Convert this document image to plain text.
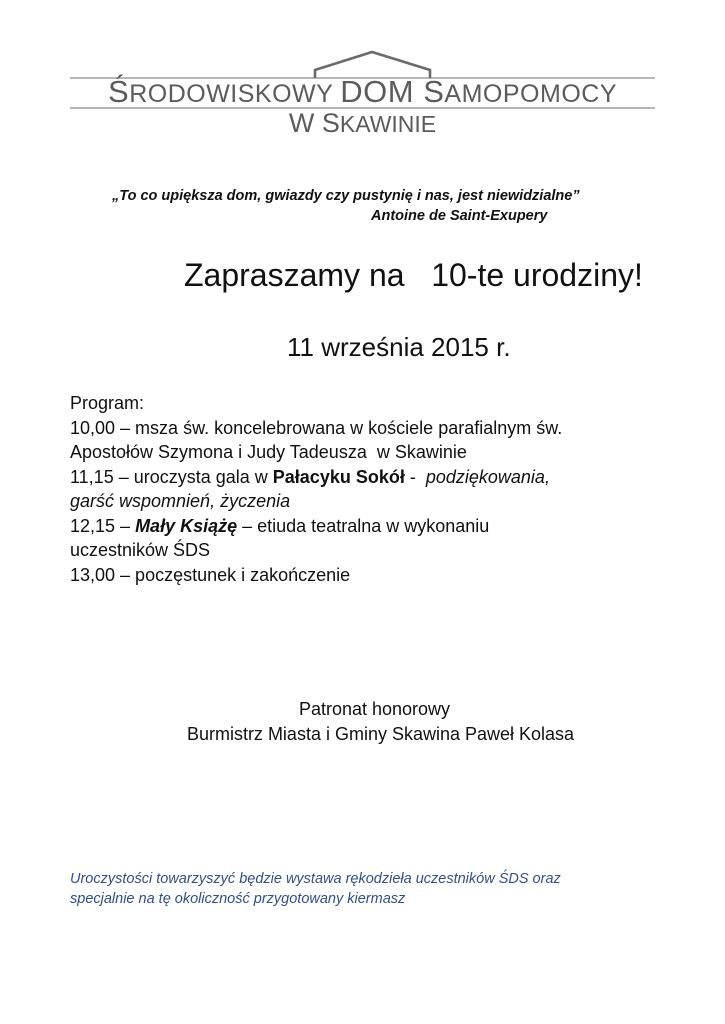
ŚRODOWISKOWY DOM SAMOPOMOCY
W SKAWINIE
„To co upiększa dom, gwiazdy czy pustynię i nas, jest niewidzialne”
Antoine de Saint-Exupery
Zapraszamy na   10-te urodziny!
11 września 2015 r.
Program:
10,00 – msza św. koncelebrowana w kościele parafialnym św.
Apostołów Szymona i Judy Tadeusza  w Skawinie
11,15 – uroczysta gala w Pałacyku Sokół -  podziękowania,
garść wspomnień, życzenia
12,15 – Mały Książę – etiuda teatralna w wykonaniu
uczestników ŚDS
13,00 – poczęstunek i zakończenie
Patronat honorowy
Burmistrz Miasta i Gminy Skawina Paweł Kolasa
Uroczystości towarzyszyć będzie wystawa rękodzieła uczestników ŚDS oraz
specjalnie na tę okoliczność przygotowany kiermasz
